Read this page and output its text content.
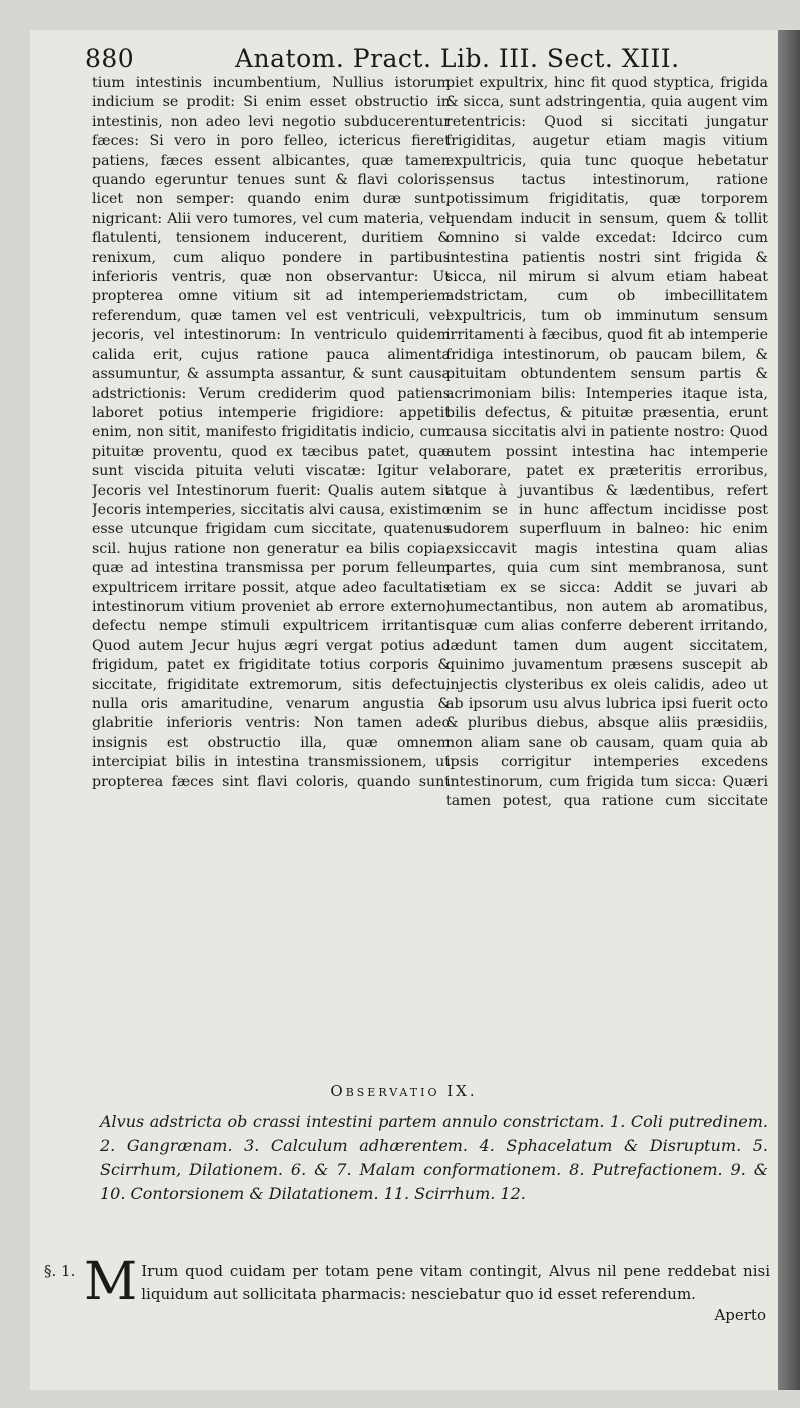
880	Anatom. Pract. Lib. III. Sect. XIII.

tium intestinis incumbentium, Nullius istorum indicium se prodit: Si enim esset obstructio in intestinis, non adeo levi negotio subducerentur fæces: Si vero in poro felleo, ictericus fieret patiens, fæces essent albicantes, quæ tamen quando egeruntur tenues sunt & flavi coloris, licet non semper: quando enim duræ sunt, nigricant: Alii vero tumores, vel cum materia, vel flatulenti, tensionem inducerent, duritiem & renixum, cum aliquo pondere in partibus inferioris ventris, quæ non observantur: Ut propterea omne vitium sit ad intemperiem referendum, quæ tamen vel est ventriculi, vel jecoris, vel intestinorum: In ventriculo quidem calida erit, cujus ratione pauca alimenta assumuntur, & assumpta assantur, & sunt causa adstrictionis: Verum crediderim quod patiens laboret potius intemperie frigidiore: appetit enim, non sitit, manifesto frigiditatis indicio, cum pituitæ proventu, quod ex tæcibus patet, quæ sunt viscida pituita veluti viscatæ: Igitur vel Jecoris vel Intestinorum fuerit: Qualis autem sit Jecoris intemperies, siccitatis alvi causa, existimo esse utcunque frigidam cum siccitate, quatenus scil. hujus ratione non generatur ea bilis copia, quæ ad intestina transmissa per porum felleum expultricem irritare possit, atque adeo facultatis intestinorum vitium proveniet ab errore externo, defectu nempe stimuli expultricem irritantis: Quod autem Jecur hujus ægri vergat potius ad frigidum, patet ex frigiditate totius corporis & siccitate, frigiditate extremorum, sitis defectu, nulla oris amaritudine, venarum angustia & glabritie inferioris ventris: Non tamen adeo insignis est obstructio illa, quæ omnem intercipiat bilis in intestina transmissionem, ut propterea fæces sint flavi coloris, quando sunt

piet expultrix, hinc fit quod styptica, frigida & sicca, sunt adstringentia, quia augent vim retentricis: Quod si siccitati jungatur frigiditas, augetur etiam magis vitium expultricis, quia tunc quoque hebetatur sensus tactus intestinorum, ratione potissimum frigiditatis, quæ torporem quendam inducit in sensum, quem & tollit omnino si valde excedat: Idcirco cum intestina patientis nostri sint frigida & sicca, nil mirum si alvum etiam habeat adstrictam, cum ob imbecillitatem expultricis, tum ob imminutum sensum irritamenti à fæcibus, quod fit ab intemperie fridiga intestinorum, ob paucam bilem, & pituitam obtundentem sensum partis & acrimoniam bilis: Intemperies itaque ista, bilis defectus, & pituitæ præsentia, erunt causa siccitatis alvi in patiente nostro: Quod autem possint intestina hac intemperie laborare, patet ex præteritis erroribus, atque à juvantibus & lædentibus, refert enim se in hunc affectum incidisse post sudorem superfluum in balneo: hic enim exsiccavit magis intestina quam alias partes, quia cum sint membranosa, sunt etiam ex se sicca: Addit se juvari ab humectantibus, non autem ab aromatibus, quæ cum alias conferre deberent irritando, lædunt tamen dum augent siccitatem, quinimo juvamentum præsens suscepit ab injectis clysteribus ex oleis calidis, adeo ut ab ipsorum usu alvus lubrica ipsi fuerit octo & pluribus diebus, absque aliis præsidiis, non aliam sane ob causam, quam quia ab ipsis corrigitur intemperies excedens intestinorum, cum frigida tum sicca: Quæri tamen potest, qua ratione cum siccitate

Observatio IX.
Alvus adstricta ob crassi intestini partem annulo constrictam. 1. Coli putredinem. 2. Gangrænam. 3. Calculum adhærentem. 4. Sphacelatum & Disruptum. 5. Scirrhum, Dilationem. 6. & 7. Malam conformationem. 8. Putrefactionem. 9. & 10. Contorsionem & Dilatationem. 11. Scirrhum. 12.
§. 1. M Irum quod cuidam per totam pene vitam contingit, Alvus nil pene reddebat nisi liquidum aut sollicitata pharmacis: nesciebatur quo id esset referendum.
Aperto
